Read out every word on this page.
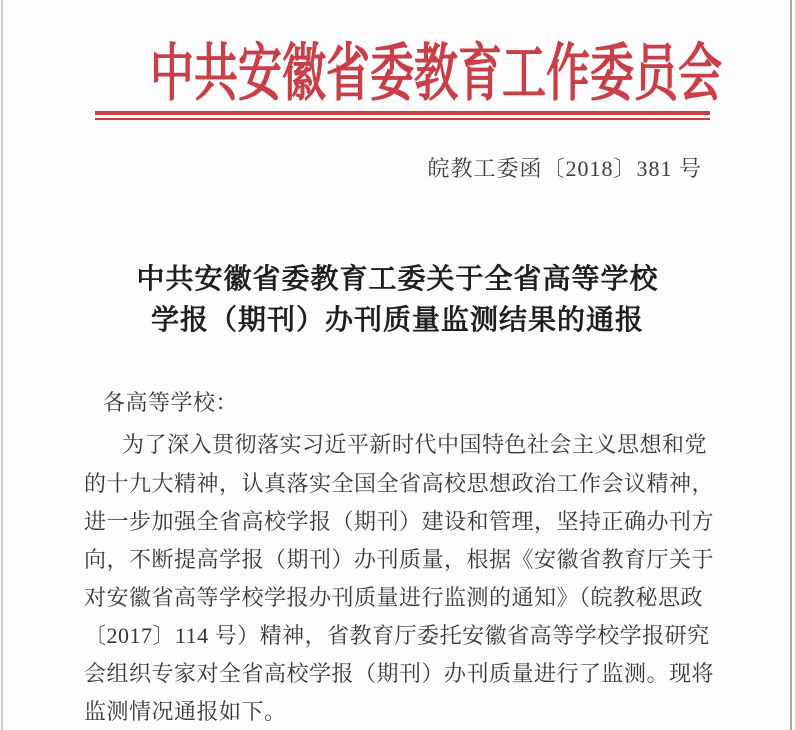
中共安徽省委教育工作委员会
皖教工委函〔2018〕381 号
中共安徽省委教育工委关于全省高等学校
学报（期刊）办刊质量监测结果的通报
各高等学校：
为了深入贯彻落实习近平新时代中国特色社会主义思想和党
的十九大精神，认真落实全国全省高校思想政治工作会议精神，
进一步加强全省高校学报（期刊）建设和管理，坚持正确办刊方
向，不断提高学报（期刊）办刊质量，根据《安徽省教育厅关于
对安徽省高等学校学报办刊质量进行监测的通知》（皖教秘思政
〔2017〕114 号）精神，省教育厅委托安徽省高等学校学报研究
会组织专家对全省高校学报（期刊）办刊质量进行了监测。现将
监测情况通报如下。
